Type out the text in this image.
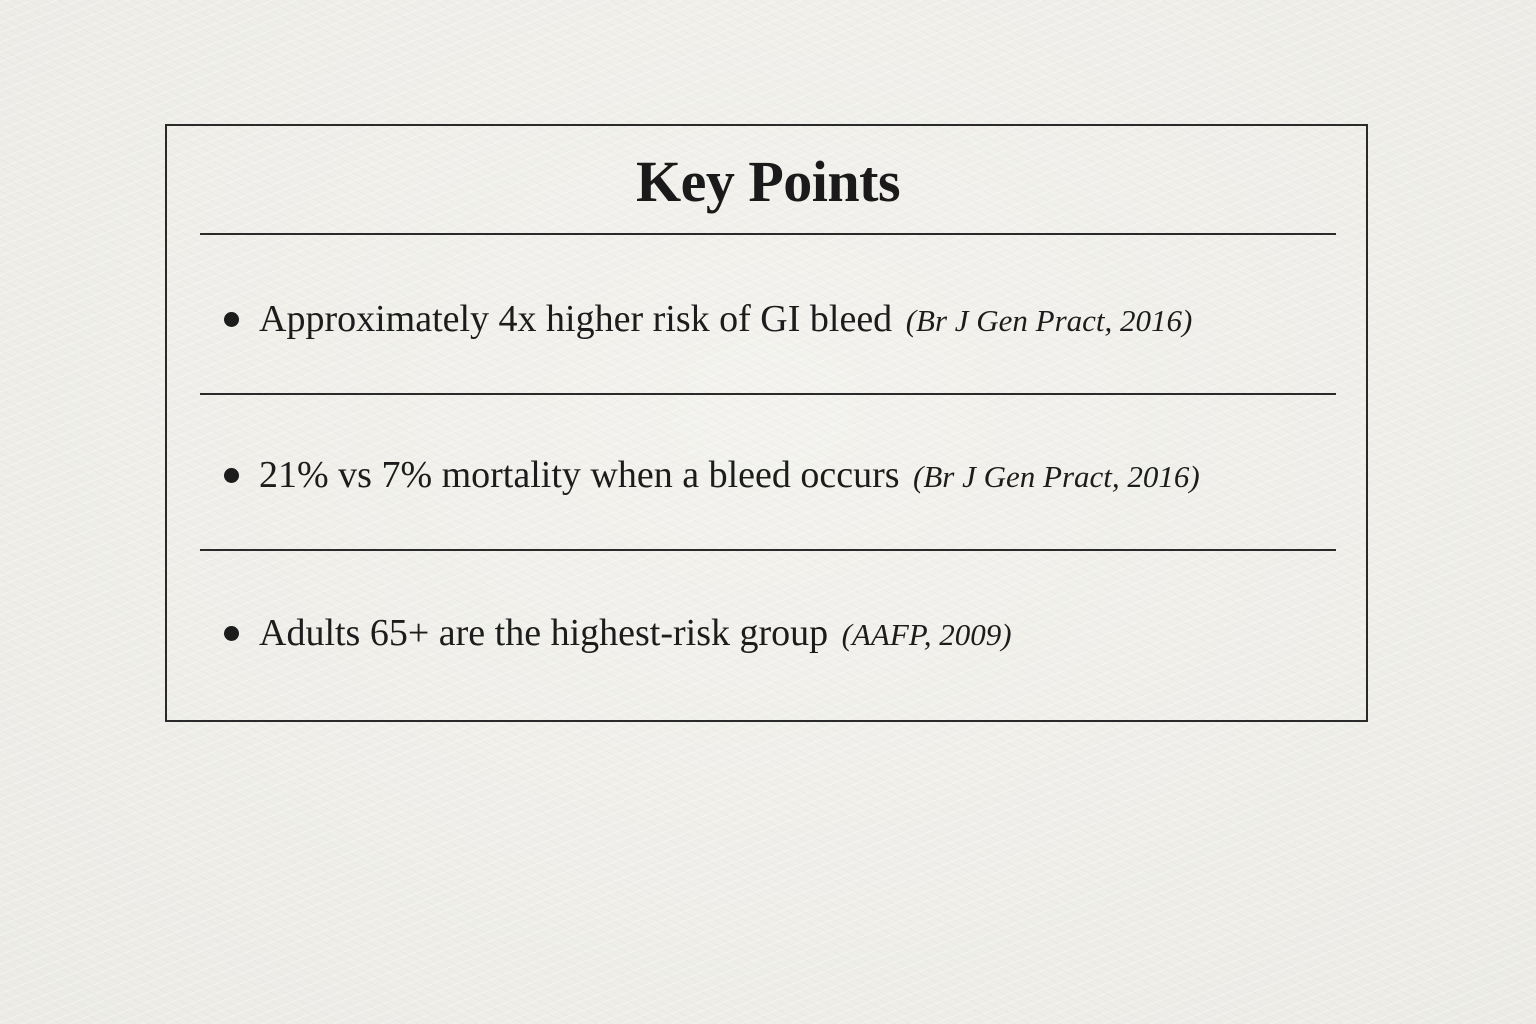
Key Points
Approximately 4x higher risk of GI bleed (Br J Gen Pract, 2016)
21% vs 7% mortality when a bleed occurs (Br J Gen Pract, 2016)
Adults 65+ are the highest-risk group (AAFP, 2009)
